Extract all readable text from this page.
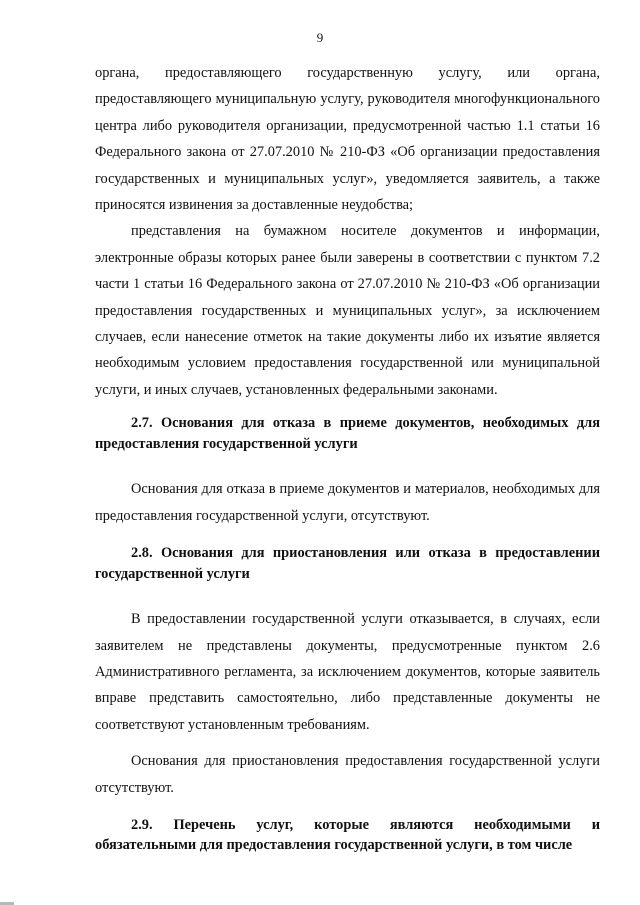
9

органа, предоставляющего государственную услугу, или органа, предоставляющего муниципальную услугу, руководителя многофункционального центра либо руководителя организации, предусмотренной частью 1.1 статьи 16 Федерального закона от 27.07.2010 № 210-ФЗ «Об организации предоставления государственных и муниципальных услуг», уведомляется заявитель, а также приносятся извинения за доставленные неудобства;

представления на бумажном носителе документов и информации, электронные образы которых ранее были заверены в соответствии с пунктом 7.2 части 1 статьи 16 Федерального закона от 27.07.2010 № 210-ФЗ «Об организации предоставления государственных и муниципальных услуг», за исключением случаев, если нанесение отметок на такие документы либо их изъятие является необходимым условием предоставления государственной или муниципальной услуги, и иных случаев, установленных федеральными законами.

2.7. Основания для отказа в приеме документов, необходимых для предоставления государственной услуги

Основания для отказа в приеме документов и материалов, необходимых для предоставления государственной услуги, отсутствуют.

2.8. Основания для приостановления или отказа в предоставлении государственной услуги

В предоставлении государственной услуги отказывается, в случаях, если заявителем не представлены документы, предусмотренные пунктом 2.6 Административного регламента, за исключением документов, которые заявитель вправе представить самостоятельно, либо представленные документы не соответствуют установленным требованиям.

Основания для приостановления предоставления государственной услуги отсутствуют.

2.9. Перечень услуг, которые являются необходимыми и обязательными для предоставления государственной услуги, в том числе
